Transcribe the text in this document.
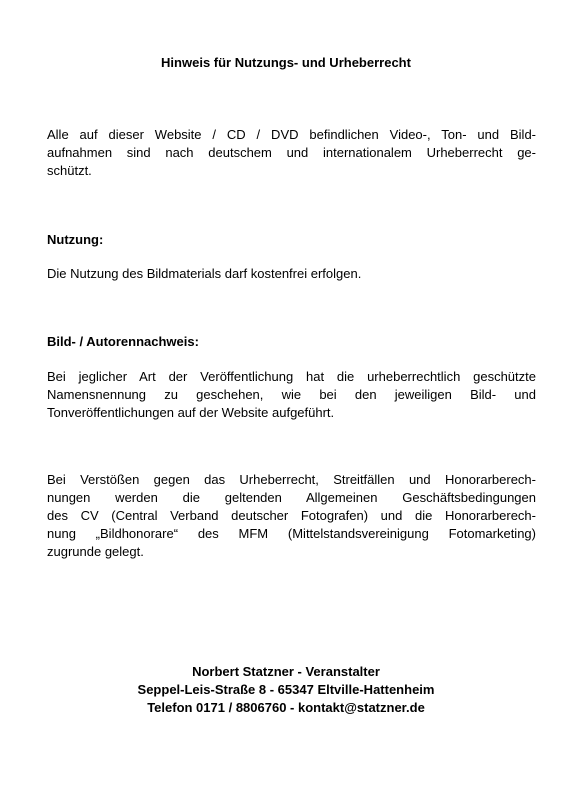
Hinweis für Nutzungs- und Urheberrecht
Alle auf dieser Website / CD / DVD befindlichen Video-, Ton- und Bild-
aufnahmen sind nach deutschem und internationalem Urheberrecht ge-
schützt.
Nutzung:
Die Nutzung des Bildmaterials darf kostenfrei erfolgen.
Bild- / Autorennachweis:
Bei jeglicher Art der Veröffentlichung hat die urheberrechtlich geschützte
Namensnennung zu geschehen, wie bei den jeweiligen Bild- und
Tonveröffentlichungen auf der Website aufgeführt.
Bei Verstößen gegen das Urheberrecht, Streitfällen und Honorarberech-
nungen werden die geltenden Allgemeinen Geschäftsbedingungen
des CV (Central Verband deutscher Fotografen) und die Honorarberech-
nung „Bildhonorare“ des MFM (Mittelstandsvereinigung Fotomarketing)
zugrunde gelegt.
Norbert Statzner - Veranstalter
Seppel-Leis-Straße 8 - 65347 Eltville-Hattenheim
Telefon 0171 / 8806760 - kontakt@statzner.de
